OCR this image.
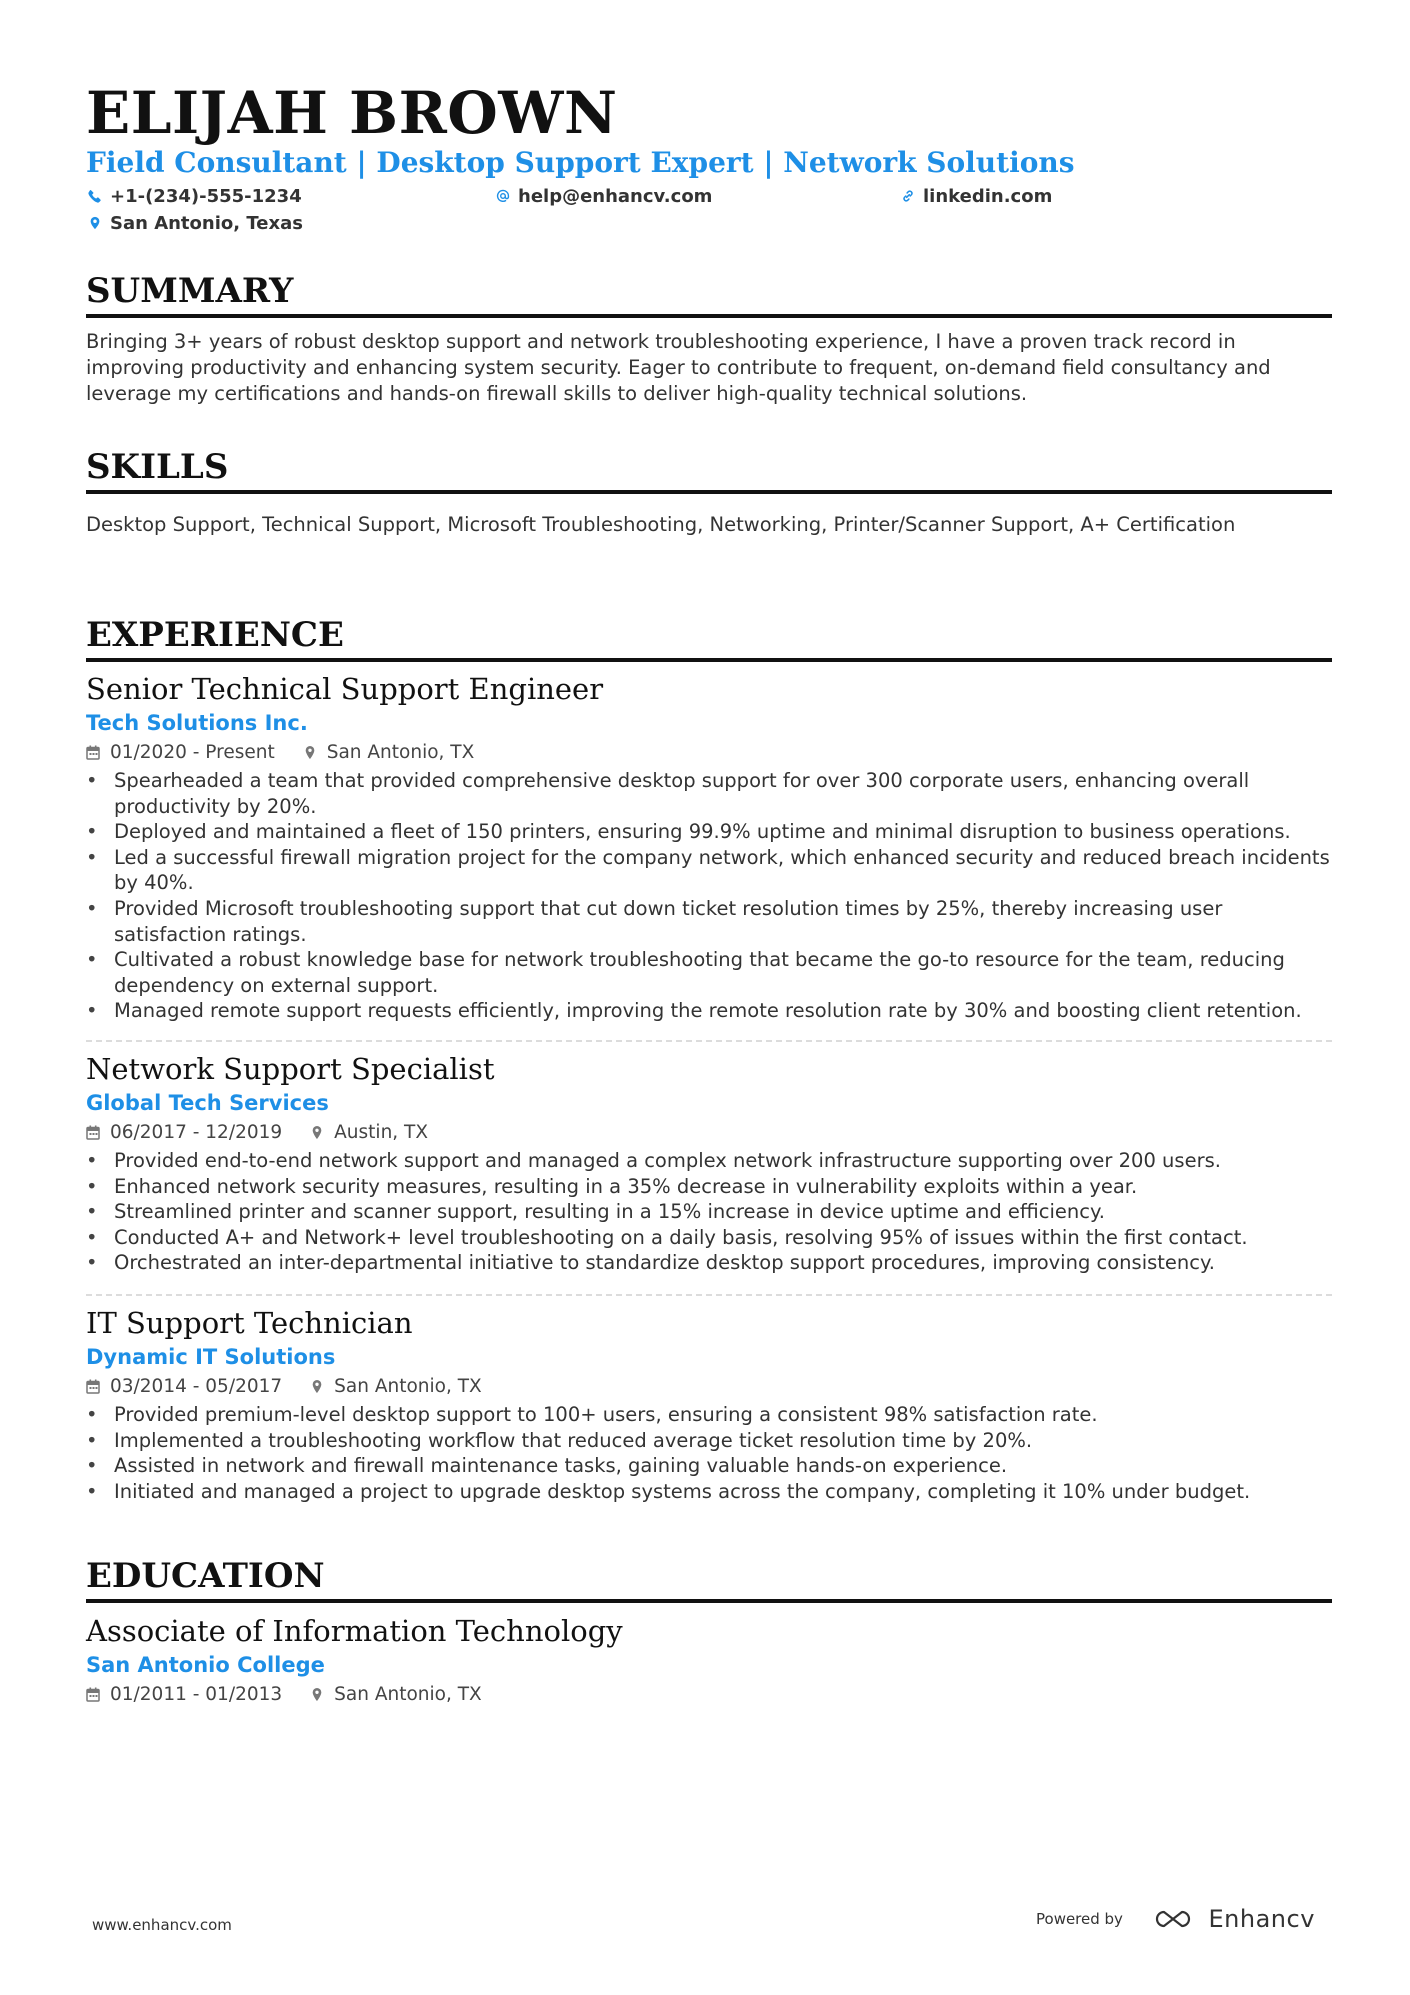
ELIJAH BROWN
Field Consultant | Desktop Support Expert | Network Solutions
+1-(234)-555-1234	help@enhancv.com	linkedin.com
San Antonio, Texas
SUMMARY

Bringing 3+ years of robust desktop support and network troubleshooting experience, I have a proven track record in improving productivity and enhancing system security. Eager to contribute to frequent, on-demand field consultancy and leverage my certifications and hands-on firewall skills to deliver high-quality technical solutions.

SKILLS

Desktop Support, Technical Support, Microsoft Troubleshooting, Networking, Printer/Scanner Support, A+ Certification

EXPERIENCE
Senior Technical Support Engineer
Tech Solutions Inc.
01/2020 - Present	San Antonio, TX
• Spearheaded a team that provided comprehensive desktop support for over 300 corporate users, enhancing overall productivity by 20%.
• Deployed and maintained a fleet of 150 printers, ensuring 99.9% uptime and minimal disruption to business operations.
• Led a successful firewall migration project for the company network, which enhanced security and reduced breach incidents by 40%.
• Provided Microsoft troubleshooting support that cut down ticket resolution times by 25%, thereby increasing user satisfaction ratings.
• Cultivated a robust knowledge base for network troubleshooting that became the go-to resource for the team, reducing dependency on external support.
• Managed remote support requests efficiently, improving the remote resolution rate by 30% and boosting client retention.
Network Support Specialist
Global Tech Services
06/2017 - 12/2019	Austin, TX
• Provided end-to-end network support and managed a complex network infrastructure supporting over 200 users.
• Enhanced network security measures, resulting in a 35% decrease in vulnerability exploits within a year.
• Streamlined printer and scanner support, resulting in a 15% increase in device uptime and efficiency.
• Conducted A+ and Network+ level troubleshooting on a daily basis, resolving 95% of issues within the first contact.
• Orchestrated an inter-departmental initiative to standardize desktop support procedures, improving consistency.
IT Support Technician
Dynamic IT Solutions
03/2014 - 05/2017	San Antonio, TX
• Provided premium-level desktop support to 100+ users, ensuring a consistent 98% satisfaction rate.
• Implemented a troubleshooting workflow that reduced average ticket resolution time by 20%.
• Assisted in network and firewall maintenance tasks, gaining valuable hands-on experience.
• Initiated and managed a project to upgrade desktop systems across the company, completing it 10% under budget.
EDUCATION
Associate of Information Technology
San Antonio College
01/2011 - 01/2013	San Antonio, TX
www.enhancv.com	Powered by	Enhancv
